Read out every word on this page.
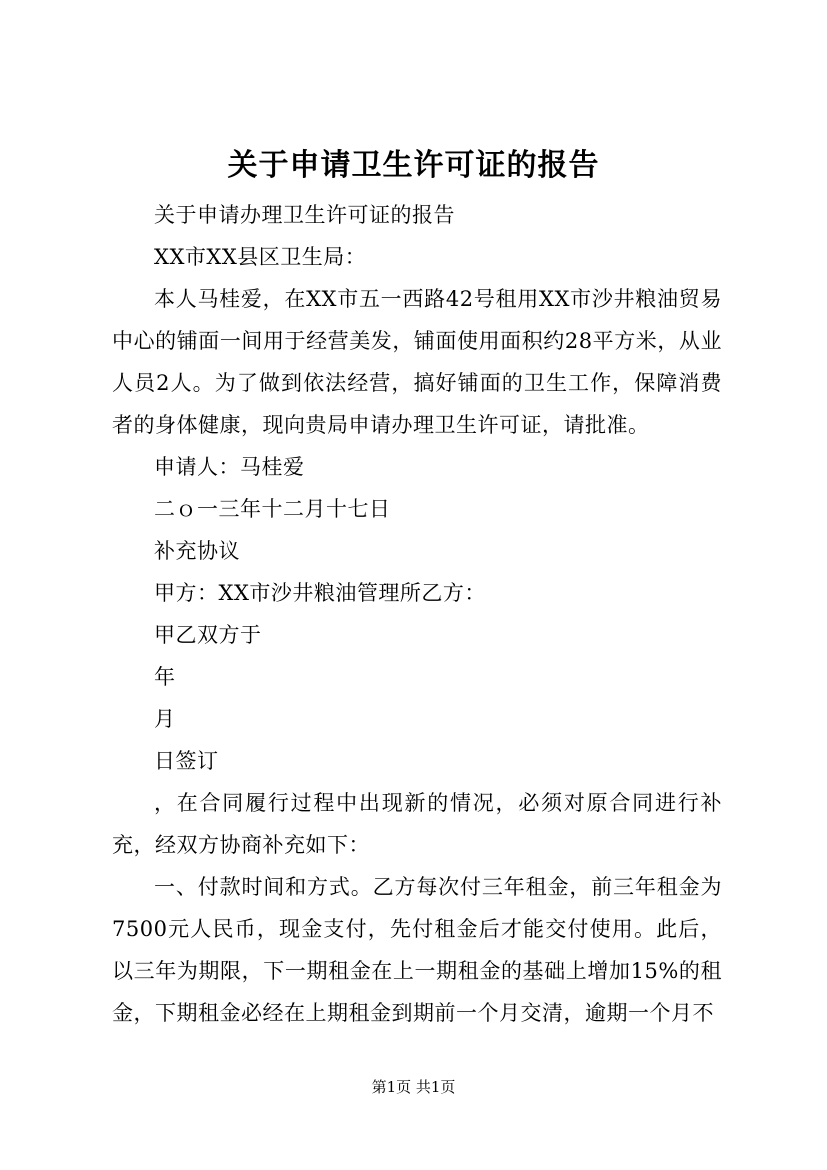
关于申请卫生许可证的报告

关于申请办理卫生许可证的报告

XX市XX县区卫生局：

本人马桂爱，在XX市五一西路42号租用XX市沙井粮油贸易中心的铺面一间用于经营美发，铺面使用面积约28平方米，从业人员2人。为了做到依法经营，搞好铺面的卫生工作，保障消费者的身体健康，现向贵局申请办理卫生许可证，请批准。

申请人：马桂爱

二ｏ一三年十二月十七日

补充协议

甲方：XX市沙井粮油管理所乙方：

甲乙双方于

年

月

日签订

，在合同履行过程中出现新的情况，必须对原合同进行补充，经双方协商补充如下：

一、付款时间和方式。乙方每次付三年租金，前三年租金为7500元人民币，现金支付，先付租金后才能交付使用。此后，以三年为期限，下一期租金在上一期租金的基础上增加15%的租金，下期租金必经在上期租金到期前一个月交清，逾期一个月不

第1页 共1页
